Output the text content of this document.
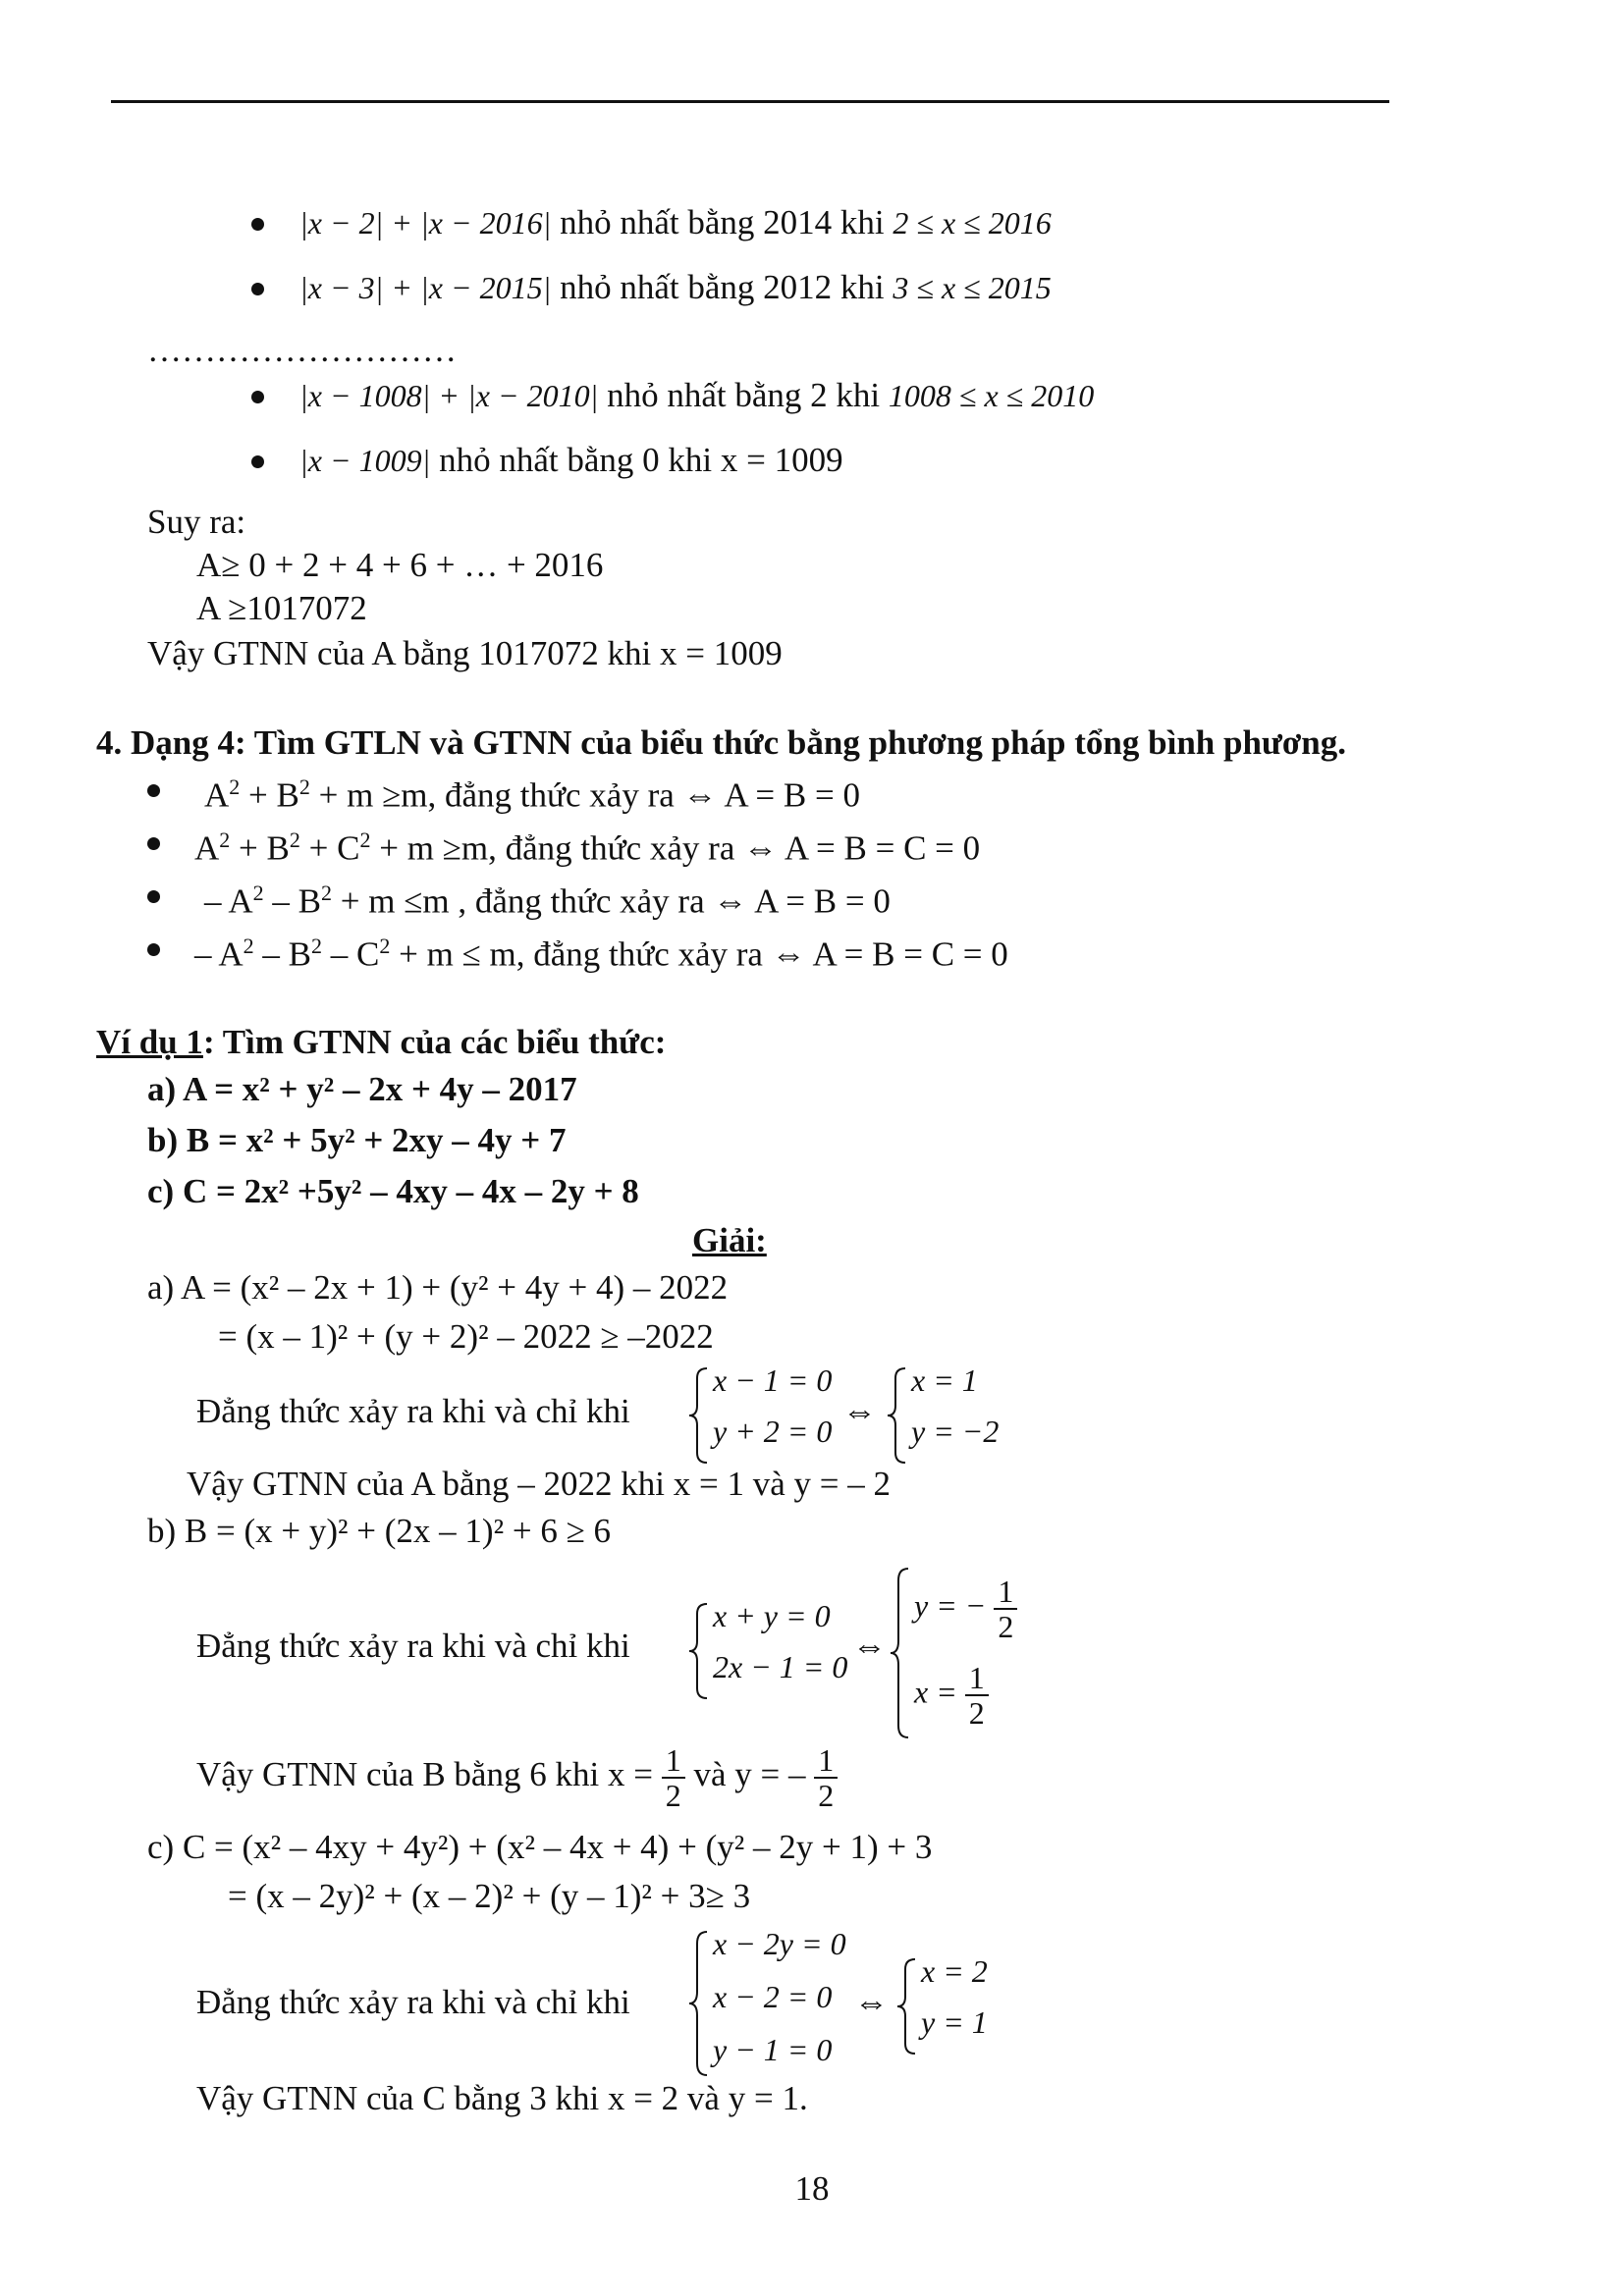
|x − 2| + |x − 2016| nhỏ nhất bằng 2014 khi 2 ≤ x ≤ 2016
|x − 3| + |x − 2015| nhỏ nhất bằng 2012 khi 3 ≤ x ≤ 2015
………………………
|x − 1008| + |x − 2010| nhỏ nhất bằng 2 khi 1008 ≤ x ≤ 2010
|x − 1009| nhỏ nhất bằng 0 khi x = 1009
Suy ra:
A≥ 0 + 2 + 4 + 6 + … + 2016
A ≥1017072
Vậy GTNN của A bằng 1017072 khi x = 1009
4. Dạng 4: Tìm GTLN và GTNN của biểu thức bằng phương pháp tổng bình phương.
$A^2 + B^2 + m \ge m$, đẳng thức xảy ra ⇔ A = B = 0
$A^2 + B^2 + C^2 + m \ge m$, đẳng thức xảy ra ⇔ A = B = C = 0
– $A^2 - B^2 + m \le m$ , đẳng thức xảy ra ⇔ A = B = 0
– $A^2 - B^2 - C^2 + m \le m$, đẳng thức xảy ra ⇔ A = B = C = 0
Ví dụ 1: Tìm GTNN của các biểu thức:
a) A = x² + y² – 2x + 4y – 2017
b) B = x² + 5y² + 2xy – 4y + 7
c) C = 2x² +5y² – 4xy – 4x – 2y + 8
Giải:
a) A = (x² – 2x + 1) + (y² + 4y + 4) – 2022
= (x – 1)² + (y + 2)² – 2022 ≥ –2022
Đẳng thức xảy ra khi và chỉ khi
x − 1 = 0
y + 2 = 0
⇔
x = 1
y = −2
Vậy GTNN của A bằng – 2022 khi x = 1 và y = – 2
b) B = (x + y)² + (2x – 1)² + 6 ≥ 6
Đẳng thức xảy ra khi và chỉ khi
x + y = 0
2x − 1 = 0
⇔
y = − $\frac{1}{2}$
$x = \frac{1}{2}$
Vậy GTNN của B bằng 6 khi $x = \frac{1}{2}$ và y = – $\frac{1}{2}$
c) C = (x² – 4xy + 4y²) + (x² – 4x + 4) + (y² – 2y + 1) + 3
= (x – 2y)² + (x – 2)² + (y – 1)² + 3≥ 3
Đẳng thức xảy ra khi và chỉ khi
x − 2y = 0
x − 2 = 0
y − 1 = 0
⇔
x = 2
y = 1
Vậy GTNN của C bằng 3 khi x = 2 và y = 1.
18
